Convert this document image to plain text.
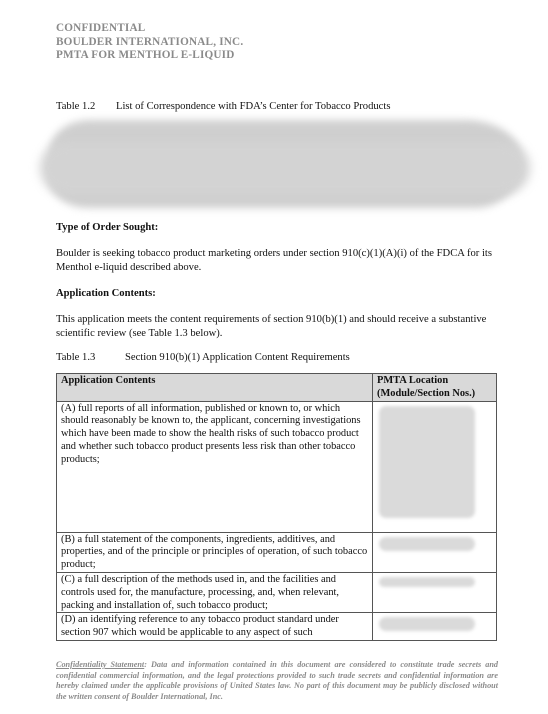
CONFIDENTIAL
BOULDER INTERNATIONAL, INC.
PMTA FOR MENTHOL E-LIQUID
Table 1.2 List of Correspondence with FDA’s Center for Tobacco Products
Type of Order Sought:
Boulder is seeking tobacco product marketing orders under section 910(c)(1)(A)(i) of the FDCA for its Menthol e-liquid described above.
Application Contents:
This application meets the content requirements of section 910(b)(1) and should receive a substantive scientific review (see Table 1.3 below).
Table 1.3	Section 910(b)(1) Application Content Requirements
Application Contents	PMTA Location (Module/Section Nos.)
(A) full reports of all information, published or known to, or which should reasonably be known to, the applicant, concerning investigations which have been made to show the health risks of such tobacco product and whether such tobacco product presents less risk than other tobacco products;	

(B) a full statement of the components, ingredients, additives, and properties, and of the principle or principles of operation, of such tobacco product;	

(C) a full description of the methods used in, and the facilities and controls used for, the manufacture, processing, and, when relevant, packing and installation of, such tobacco product;	

(D) an identifying reference to any tobacco product standard under section 907 which would be applicable to any aspect of such	
Confidentiality Statement: Data and information contained in this document are considered to constitute trade secrets and confidential commercial information, and the legal protections provided to such trade secrets and confidential information are hereby claimed under the applicable provisions of United States law. No part of this document may be publicly disclosed without the written consent of Boulder International, Inc.
